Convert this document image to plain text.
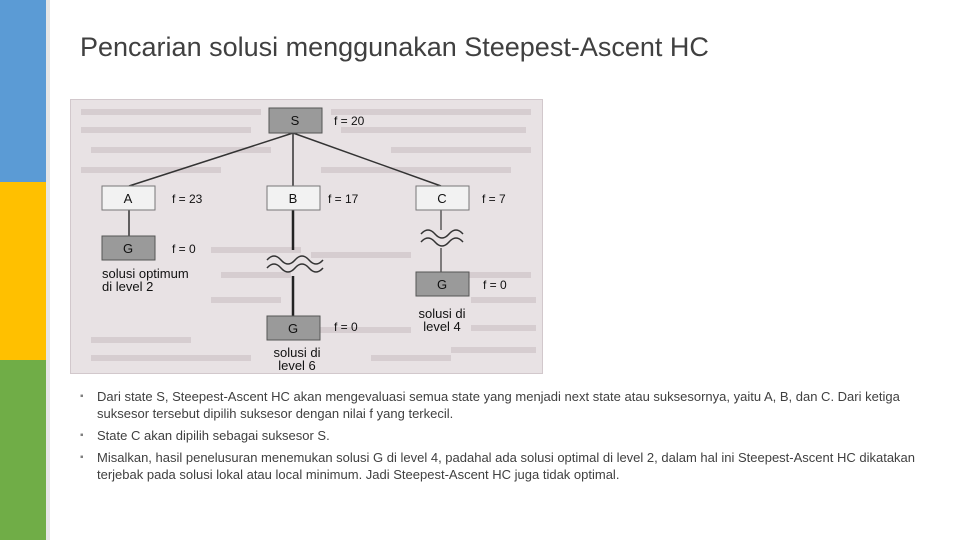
Pencarian solusi menggunakan Steepest-Ascent HC
S	f = 20
A	f = 23	B	f = 17	C	f = 7
G	f = 0
solusi optimum
di level 2	G	f = 0
solusi di
level 4
G	f = 0
solusi di
level 6
▪ Dari state S, Steepest-Ascent HC akan mengevaluasi semua state yang menjadi next state atau suksesornya, yaitu A, B, dan C. Dari ketiga suksesor tersebut dipilih suksesor dengan nilai f yang terkecil.
▪ State C akan dipilih sebagai suksesor S.
▪ Misalkan, hasil penelusuran menemukan solusi G di level 4, padahal ada solusi optimal di level 2, dalam hal ini Steepest-Ascent HC dikatakan terjebak pada solusi lokal atau local minimum. Jadi Steepest-Ascent HC juga tidak optimal.
